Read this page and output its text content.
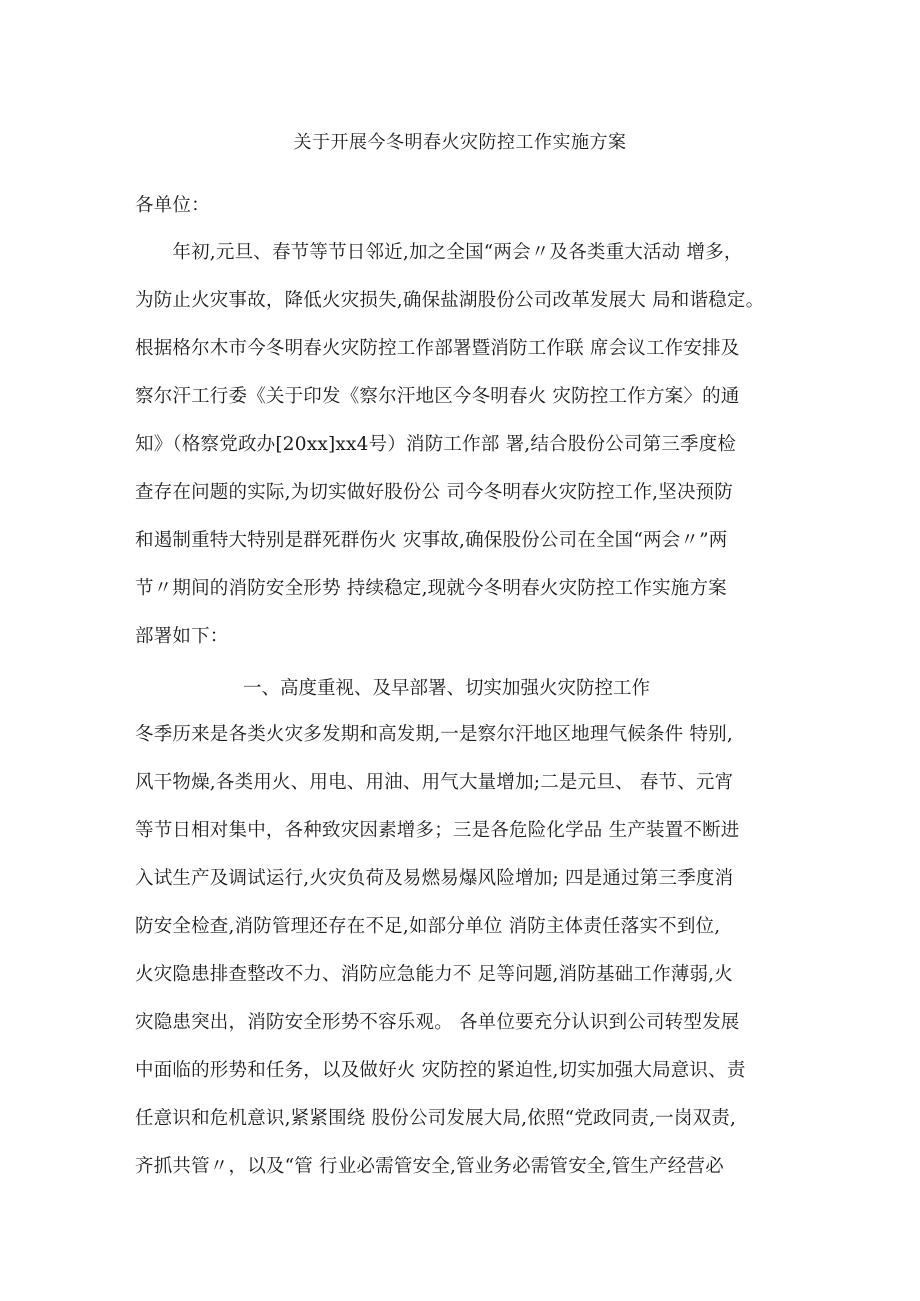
关于开展今冬明春火灾防控工作实施方案
各单位：
　　年初,元旦、春节等节日邻近,加之全国“两会〃及各类重大活动 增多，
为防止火灾事故，降低火灾损失,确保盐湖股份公司改革发展大 局和谐稳定。
根据格尔木市今冬明春火灾防控工作部署暨消防工作联 席会议工作安排及
察尔汗工行委《关于印发《察尔汗地区今冬明春火 灾防控工作方案〉的通
知》（格察党政办[20xx]xx4号）消防工作部 署,结合股份公司第三季度检
查存在问题的实际,为切实做好股份公 司今冬明春火灾防控工作,坚决预防
和遏制重特大特别是群死群伤火 灾事故,确保股份公司在全国“两会〃”两
节〃期间的消防安全形势 持续稳定,现就今冬明春火灾防控工作实施方案
部署如下：
一、高度重视、及早部署、切实加强火灾防控工作
冬季历来是各类火灾多发期和高发期,一是察尔汗地区地理气候条件 特别,
风干物燥,各类用火、用电、用油、用气大量增加;二是元旦、 春节、元宵
等节日相对集中，各种致灾因素增多；三是各危险化学品 生产装置不断进
入试生产及调试运行,火灾负荷及易燃易爆风险增加; 四是通过第三季度消
防安全检查,消防管理还存在不足,如部分单位 消防主体责任落实不到位,
火灾隐患排查整改不力、消防应急能力不 足等问题,消防基础工作薄弱,火
灾隐患突出，消防安全形势不容乐观。 各单位要充分认识到公司转型发展
中面临的形势和任务，以及做好火 灾防控的紧迫性,切实加强大局意识、责
任意识和危机意识,紧紧围绕 股份公司发展大局,依照“党政同责,一岗双责,
齐抓共管〃，以及“管 行业必需管安全,管业务必需管安全,管生产经营必
